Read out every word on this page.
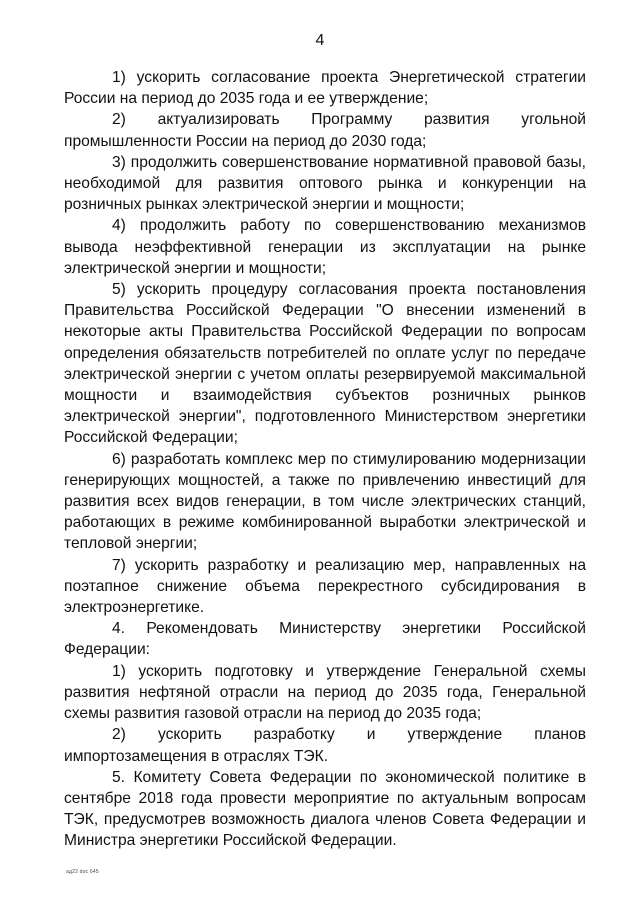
4

1) ускорить согласование проекта Энергетической стратегии России на период до 2035 года и ее утверждение;

2) актуализировать Программу развития угольной промышленности России на период до 2030 года;

3) продолжить совершенствование нормативной правовой базы, необходимой для развития оптового рынка и конкуренции на розничных рынках электрической энергии и мощности;

4) продолжить работу по совершенствованию механизмов вывода неэффективной генерации из эксплуатации на рынке электрической энергии и мощности;

5) ускорить процедуру согласования проекта постановления Правительства Российской Федерации "О внесении изменений в некоторые акты Правительства Российской Федерации по вопросам определения обязательств потребителей по оплате услуг по передаче электрической энергии с учетом оплаты резервируемой максимальной мощности и взаимодействия субъектов розничных рынков электрической энергии", подготовленного Министерством энергетики Российской Федерации;

6) разработать комплекс мер по стимулированию модернизации генерирующих мощностей, а также по привлечению инвестиций для развития всех видов генерации, в том числе электрических станций, работающих в режиме комбинированной выработки электрической и тепловой энергии;

7) ускорить разработку и реализацию мер, направленных на поэтапное снижение объема перекрестного субсидирования в электроэнергетике.

4. Рекомендовать Министерству энергетики Российской Федерации:

1) ускорить подготовку и утверждение Генеральной схемы развития нефтяной отрасли на период до 2035 года, Генеральной схемы развития газовой отрасли на период до 2035 года;

2) ускорить разработку и утверждение планов импортозамещения в отраслях ТЭК.

5. Комитету Совета Федерации по экономической политике в сентябре 2018 года провести мероприятие по актуальным вопросам ТЭК, предусмотрев возможность диалога членов Совета Федерации и Министра энергетики Российской Федерации.

ад22 doc 645
